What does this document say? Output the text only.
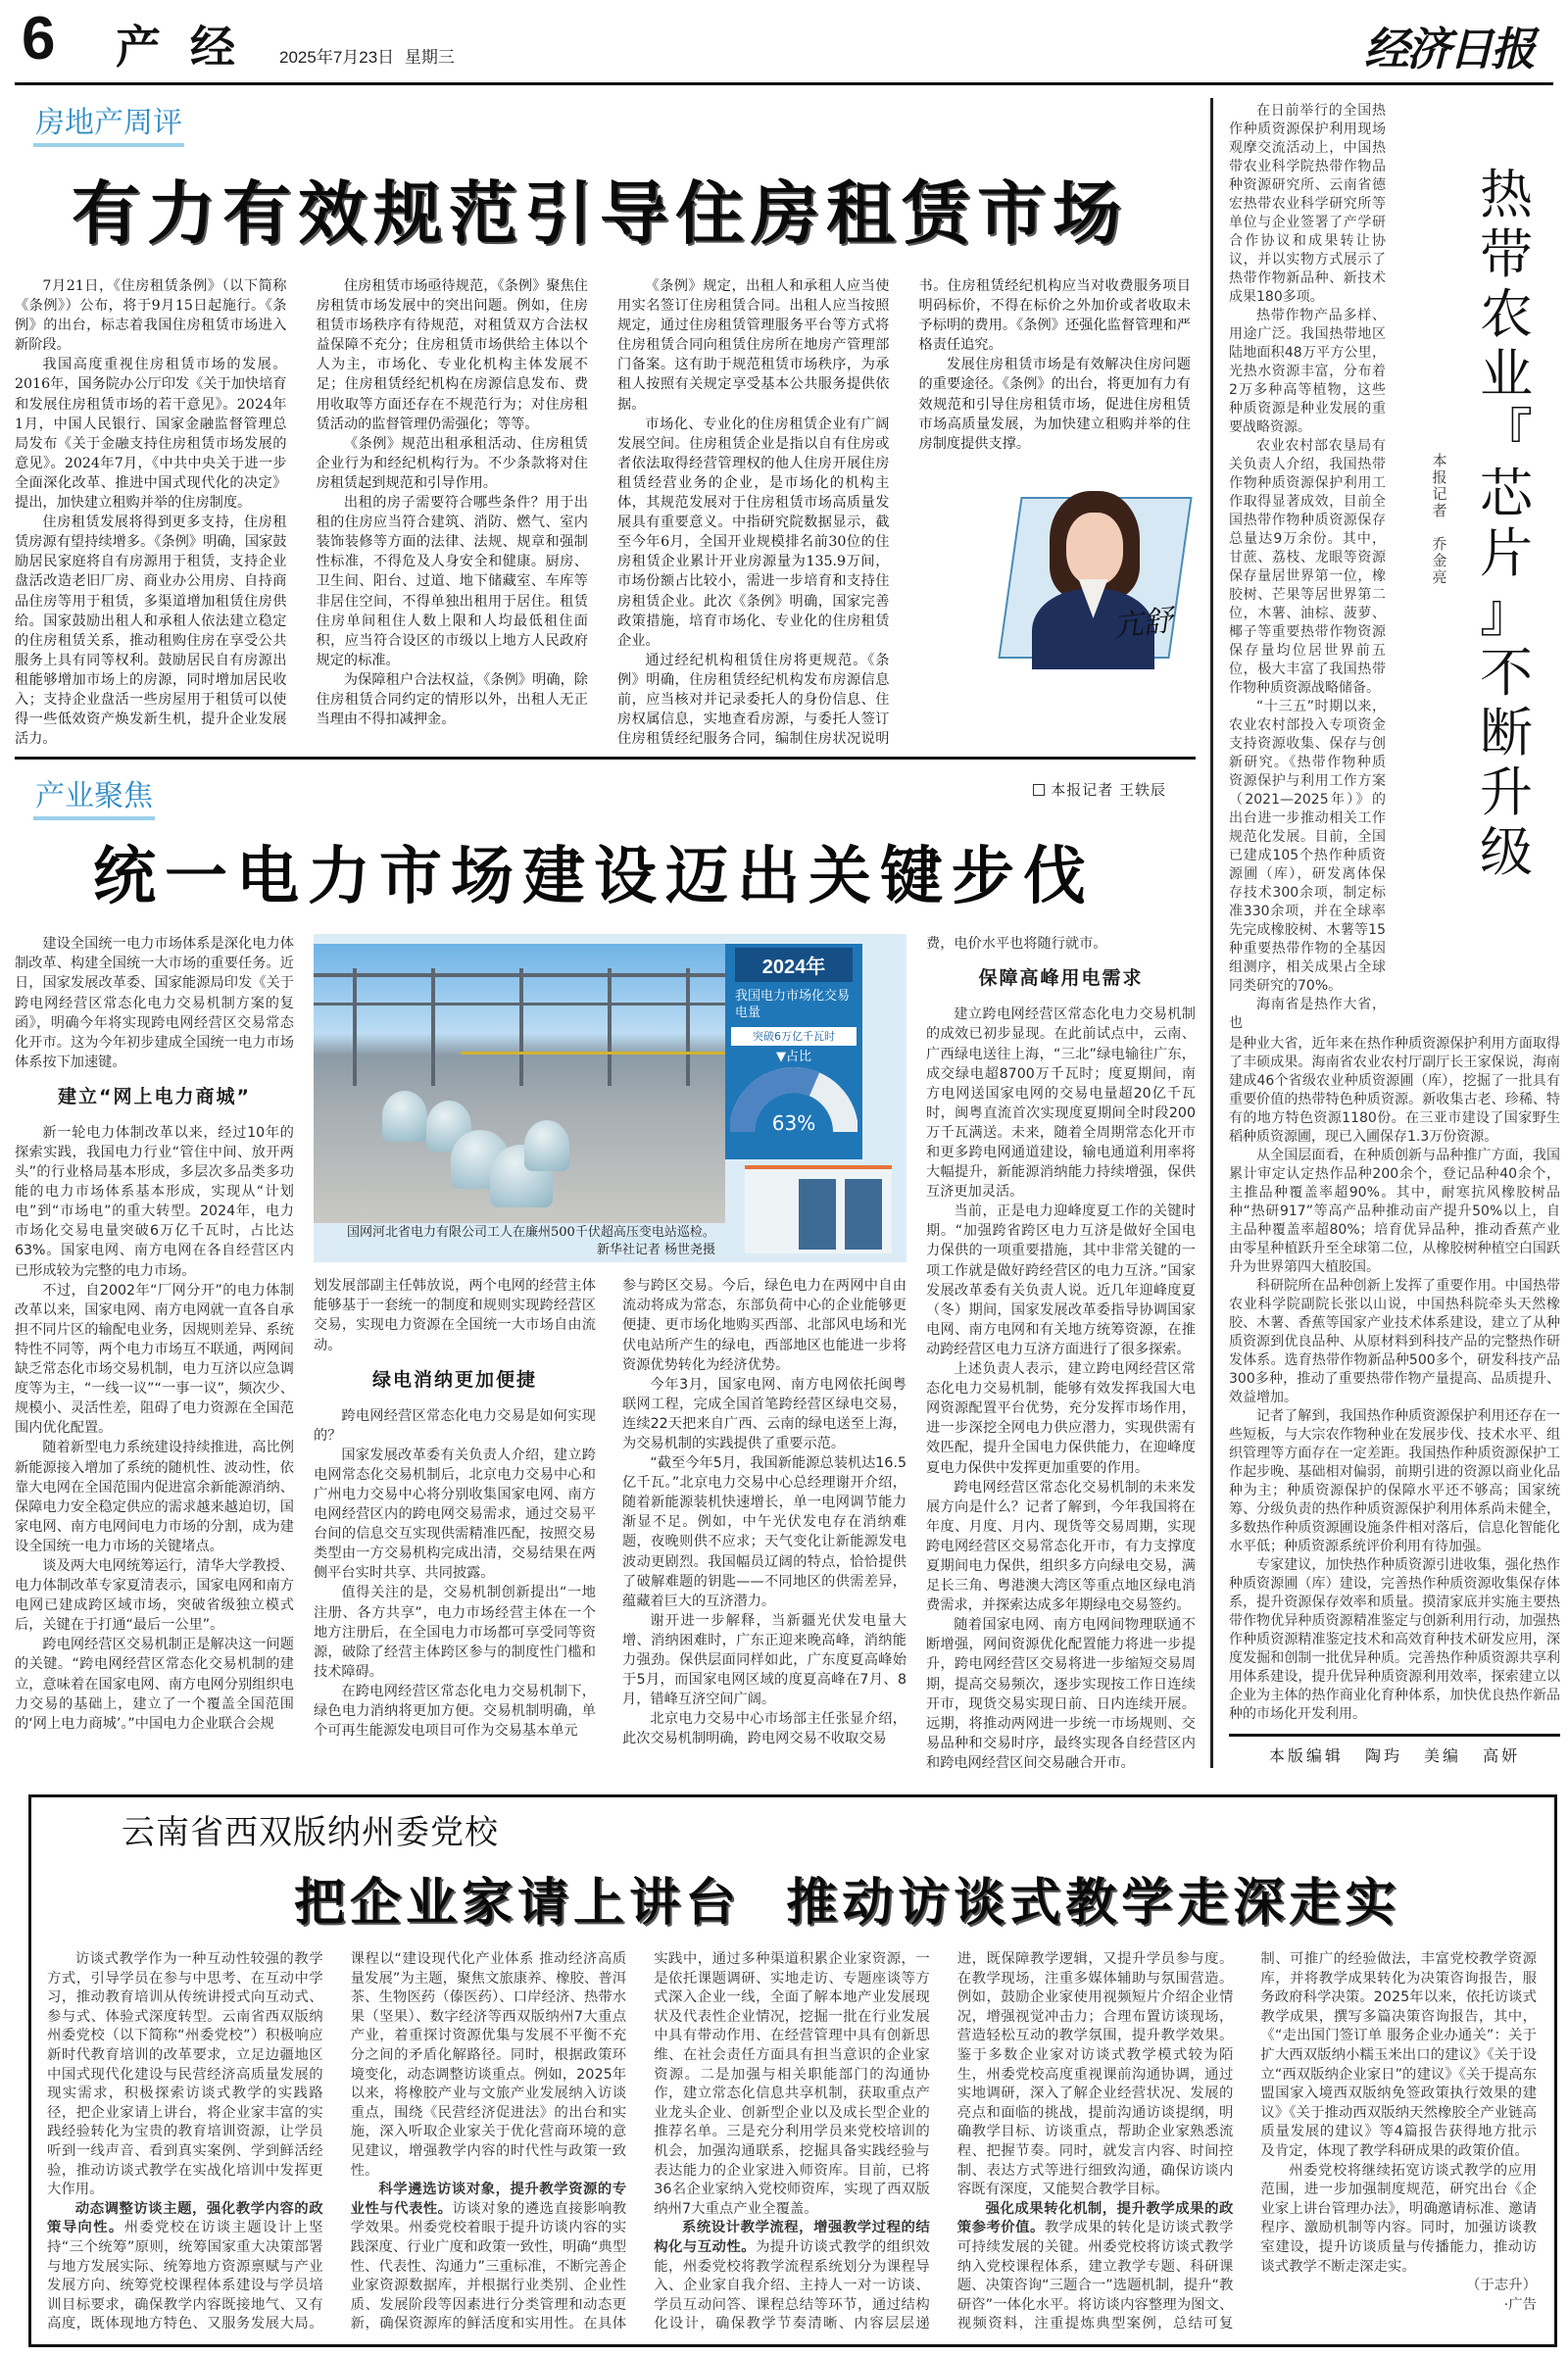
6 产经 2025年7月23日 星期三	经济日报
房地产周评
有力有效规范引导住房租赁市场

7月21日，《住房租赁条例》（以下简称《条例》）公布，将于9月15日起施行。《条例》的出台，标志着我国住房租赁市场进入新阶段。

我国高度重视住房租赁市场的发展。2016年，国务院办公厅印发《关于加快培育和发展住房租赁市场的若干意见》。2024年1月，中国人民银行、国家金融监督管理总局发布《关于金融支持住房租赁市场发展的意见》。2024年7月，《中共中央关于进一步全面深化改革、推进中国式现代化的决定》提出，加快建立租购并举的住房制度。

住房租赁发展将得到更多支持，住房租赁房源有望持续增多。《条例》明确，国家鼓励居民家庭将自有房源用于租赁，支持企业盘活改造老旧厂房、商业办公用房、自持商品住房等用于租赁，多渠道增加租赁住房供给。国家鼓励出租人和承租人依法建立稳定的住房租赁关系，推动租购住房在享受公共服务上具有同等权利。鼓励居民自有房源出租能够增加市场上的房源，同时增加居民收入；支持企业盘活一些房屋用于租赁可以使得一些低效资产焕发新生机，提升企业发展活力。

住房租赁市场亟待规范，《条例》聚焦住房租赁市场发展中的突出问题。例如，住房租赁市场秩序有待规范，对租赁双方合法权益保障不充分；住房租赁市场供给主体以个人为主，市场化、专业化机构主体发展不足；住房租赁经纪机构在房源信息发布、费用收取等方面还存在不规范行为；对住房租赁活动的监督管理仍需强化；等等。

《条例》规范出租承租活动、住房租赁企业行为和经纪机构行为。不少条款将对住房租赁起到规范和引导作用。

出租的房子需要符合哪些条件？用于出租的住房应当符合建筑、消防、燃气、室内装饰装修等方面的法律、法规、规章和强制性标准，不得危及人身安全和健康。厨房、卫生间、阳台、过道、地下储藏室、车库等非居住空间，不得单独出租用于居住。租赁住房单间租住人数上限和人均最低租住面积，应当符合设区的市级以上地方人民政府规定的标准。

为保障租户合法权益，《条例》明确，除住房租赁合同约定的情形以外，出租人无正当理由不得扣减押金。

《条例》规定，出租人和承租人应当使用实名签订住房租赁合同。出租人应当按照规定，通过住房租赁管理服务平台等方式将住房租赁合同向租赁住房所在地房产管理部门备案。这有助于规范租赁市场秩序，为承租人按照有关规定享受基本公共服务提供依据。

市场化、专业化的住房租赁企业有广阔发展空间。住房租赁企业是指以自有住房或者依法取得经营管理权的他人住房开展住房租赁经营业务的企业，是市场化的机构主体，其规范发展对于住房租赁市场高质量发展具有重要意义。中指研究院数据显示，截至今年6月，全国开业规模排名前30位的住房租赁企业累计开业房源量为135.9万间，市场份额占比较小，需进一步培育和支持住房租赁企业。此次《条例》明确，国家完善政策措施，培育市场化、专业化的住房租赁企业。

通过经纪机构租赁住房将更规范。《条例》明确，住房租赁经纪机构发布房源信息前，应当核对并记录委托人的身份信息、住房权属信息，实地查看房源，与委托人签订住房租赁经纪服务合同，编制住房状况说明书。住房租赁经纪机构应当对收费服务项目明码标价，不得在标价之外加价或者收取未予标明的费用。《条例》还强化监督管理和严格责任追究。

发展住房租赁市场是有效解决住房问题的重要途径。《条例》的出台，将更加有力有效规范和引导住房租赁市场，促进住房租赁市场高质量发展，为加快建立租购并举的住房制度提供支撑。

亢舒
产业聚焦	本报记者 王轶辰
统一电力市场建设迈出关键步伐

建设全国统一电力市场体系是深化电力体制改革、构建全国统一大市场的重要任务。近日，国家发展改革委、国家能源局印发《关于跨电网经营区常态化电力交易机制方案的复函》，明确今年将实现跨电网经营区交易常态化开市。这为今年初步建成全国统一电力市场体系按下加速键。

建立“网上电力商城”

新一轮电力体制改革以来，经过10年的探索实践，我国电力行业“管住中间、放开两头”的行业格局基本形成，多层次多品类多功能的电力市场体系基本形成，实现从“计划电”到“市场电”的重大转型。2024年，电力市场化交易电量突破6万亿千瓦时，占比达63%。国家电网、南方电网在各自经营区内已形成较为完整的电力市场。

不过，自2002年“厂网分开”的电力体制改革以来，国家电网、南方电网就一直各自承担不同片区的输配电业务，因规则差异、系统特性不同等，两个电力市场互不联通，两网间缺乏常态化市场交易机制，电力互济以应急调度等为主，“一线一议”“一事一议”，频次少、规模小、灵活性差，阻碍了电力资源在全国范围内优化配置。

随着新型电力系统建设持续推进，高比例新能源接入增加了系统的随机性、波动性，依靠大电网在全国范围内促进富余新能源消纳、保障电力安全稳定供应的需求越来越迫切，国家电网、南方电网间电力市场的分割，成为建设全国统一电力市场的关键堵点。

谈及两大电网统筹运行，清华大学教授、电力体制改革专家夏清表示，国家电网和南方电网已建成跨区域市场，突破省级独立模式后，关键在于打通“最后一公里”。

跨电网经营区交易机制正是解决这一问题的关键。“跨电网经营区常态化交易机制的建立，意味着在国家电网、南方电网分别组织电力交易的基础上，建立了一个覆盖全国范围的‘网上电力商城’。”中国电力企业联合会规

2024年
我国电力市场化交易电量
突破6万亿千瓦时
▼占比
63%
国网河北省电力有限公司工人在廉州500千伏超高压变电站巡检。
新华社记者 杨世尧摄

划发展部副主任韩放说，两个电网的经营主体能够基于一套统一的制度和规则实现跨经营区交易，实现电力资源在全国统一大市场自由流动。

绿电消纳更加便捷

跨电网经营区常态化电力交易是如何实现的？

国家发展改革委有关负责人介绍，建立跨电网常态化交易机制后，北京电力交易中心和广州电力交易中心将分别收集国家电网、南方电网经营区内的跨电网交易需求，通过交易平台间的信息交互实现供需精准匹配，按照交易类型由一方交易机构完成出清，交易结果在两侧平台实时共享、共同披露。

值得关注的是，交易机制创新提出“一地注册、各方共享”，电力市场经营主体在一个地方注册后，在全国电力市场都可享受同等资源，破除了经营主体跨区参与的制度性门槛和技术障碍。

在跨电网经营区常态化电力交易机制下，绿色电力消纳将更加方便。交易机制明确，单个可再生能源发电项目可作为交易基本单元

参与跨区交易。今后，绿色电力在两网中自由流动将成为常态，东部负荷中心的企业能够更便捷、更市场化地购买西部、北部风电场和光伏电站所产生的绿电，西部地区也能进一步将资源优势转化为经济优势。

今年3月，国家电网、南方电网依托闽粤联网工程，完成全国首笔跨经营区绿电交易，连续22天把来自广西、云南的绿电送至上海，为交易机制的实践提供了重要示范。

“截至今年5月，我国新能源总装机达16.5亿千瓦。”北京电力交易中心总经理谢开介绍，随着新能源装机快速增长，单一电网调节能力渐显不足。例如，中午光伏发电存在消纳难题，夜晚则供不应求；天气变化让新能源发电波动更剧烈。我国幅员辽阔的特点，恰恰提供了破解难题的钥匙——不同地区的供需差异，蕴藏着巨大的互济潜力。

谢开进一步解释，当新疆光伏发电量大增、消纳困难时，广东正迎来晚高峰，消纳能力强劲。保供层面同样如此，广东度夏高峰始于5月，而国家电网区域的度夏高峰在7月、8月，错峰互济空间广阔。

北京电力交易中心市场部主任张显介绍，此次交易机制明确，跨电网交易不收取交易

费，电价水平也将随行就市。

保障高峰用电需求

建立跨电网经营区常态化电力交易机制的成效已初步显现。在此前试点中，云南、广西绿电送往上海，“三北”绿电输往广东，成交绿电超8700万千瓦时；度夏期间，南方电网送国家电网的交易电量超20亿千瓦时，闽粤直流首次实现度夏期间全时段200万千瓦满送。未来，随着全周期常态化开市和更多跨电网通道建设，输电通道利用率将大幅提升，新能源消纳能力持续增强，保供互济更加灵活。

当前，正是电力迎峰度夏工作的关键时期。“加强跨省跨区电力互济是做好全国电力保供的一项重要措施，其中非常关键的一项工作就是做好跨经营区的电力互济。”国家发展改革委有关负责人说。近几年迎峰度夏（冬）期间，国家发展改革委指导协调国家电网、南方电网和有关地方统筹资源，在推动跨经营区电力互济方面进行了很多探索。

上述负责人表示，建立跨电网经营区常态化电力交易机制，能够有效发挥我国大电网资源配置平台优势，充分发挥市场作用，进一步深挖全网电力供应潜力，实现供需有效匹配，提升全国电力保供能力，在迎峰度夏电力保供中发挥更加重要的作用。

跨电网经营区常态化交易机制的未来发展方向是什么？记者了解到，今年我国将在年度、月度、月内、现货等交易周期，实现跨电网经营区交易常态化开市，有力支撑度夏期间电力保供，组织多方向绿电交易，满足长三角、粤港澳大湾区等重点地区绿电消费需求，并探索达成多年期绿电交易签约。

随着国家电网、南方电网间物理联通不断增强，网间资源优化配置能力将进一步提升，跨电网经营区交易将进一步缩短交易周期，提高交易频次，逐步实现按工作日连续开市，现货交易实现日前、日内连续开展。远期，将推动两网进一步统一市场规则、交易品种和交易时序，最终实现各自经营区内和跨电网经营区间交易融合开市。

在日前举行的全国热作种质资源保护利用现场观摩交流活动上，中国热带农业科学院热带作物品种资源研究所、云南省德宏热带农业科学研究所等单位与企业签署了产学研合作协议和成果转让协议，并以实物方式展示了热带作物新品种、新技术成果180多项。

热带作物产品多样、用途广泛。我国热带地区陆地面积48万平方公里，光热水资源丰富，分布着2万多种高等植物，这些种质资源是种业发展的重要战略资源。

农业农村部农垦局有关负责人介绍，我国热带作物种质资源保护利用工作取得显著成效，目前全国热带作物种质资源保存总量达9万余份。其中，甘蔗、荔枝、龙眼等资源保存量居世界第一位，橡胶树、芒果等居世界第二位，木薯、油棕、菠萝、椰子等重要热带作物资源保存量均位居世界前五位，极大丰富了我国热带作物种质资源战略储备。

“十三五”时期以来，农业农村部投入专项资金支持资源收集、保存与创新研究。《热带作物种质资源保护与利用工作方案（2021—2025年）》的出台进一步推动相关工作规范化发展。目前，全国已建成105个热作种质资源圃（库），研发离体保存技术300余项，制定标准330余项，并在全球率先完成橡胶树、木薯等15种重要热带作物的全基因组测序，相关成果占全球同类研究的70%。

海南省是热作大省，也

本
报
记
者

乔
金
亮
热
带
农
业
『
芯
片
』
不
断
升
级

是种业大省，近年来在热作种质资源保护利用方面取得了丰硕成果。海南省农业农村厅副厅长王家保说，海南建成46个省级农业种质资源圃（库），挖掘了一批具有重要价值的热带特色种质资源。新收集古老、珍稀、特有的地方特色资源1180份。在三亚市建设了国家野生稻种质资源圃，现已入圃保存1.3万份资源。

从全国层面看，在种质创新与品种推广方面，我国累计审定认定热作品种200余个，登记品种40余个，主推品种覆盖率超90%。其中，耐寒抗风橡胶树品种“热研917”等高产品种推动亩产提升50%以上，自主品种覆盖率超80%；培育优异品种，推动香蕉产业由零星种植跃升至全球第二位，从橡胶树种植空白国跃升为世界第四大植胶国。

科研院所在品种创新上发挥了重要作用。中国热带农业科学院副院长张以山说，中国热科院牵头天然橡胶、木薯、香蕉等国家产业技术体系建设，建立了从种质资源到优良品种、从原材料到科技产品的完整热作研发体系。选育热带作物新品种500多个，研发科技产品300多种，推动了重要热带作物产量提高、品质提升、效益增加。

记者了解到，我国热作种质资源保护利用还存在一些短板，与大宗农作物种业在发展步伐、技术水平、组织管理等方面存在一定差距。我国热作种质资源保护工作起步晚、基础相对偏弱，前期引进的资源以商业化品种为主；种质资源保护的保障水平还不够高；国家统筹、分级负责的热作种质资源保护利用体系尚未健全，多数热作种质资源圃设施条件相对落后，信息化智能化水平低；种质资源系统评价利用有待加强。

专家建议，加快热作种质资源引进收集，强化热作种质资源圃（库）建设，完善热作种质资源收集保存体系，提升资源保存效率和质量。摸清家底并实施主要热带作物优异种质资源精准鉴定与创新利用行动，加强热作种质资源精准鉴定技术和高效育种技术研发应用，深度发掘和创制一批优异种质。完善热作种质资源共享利用体系建设，提升优异种质资源利用效率，探索建立以企业为主体的热作商业化育种体系，加快优良热作新品种的市场化开发利用。

本版编辑 陶玙 美编 高妍
云南省西双版纳州委党校
把企业家请上讲台  推动访谈式教学走深走实

访谈式教学作为一种互动性较强的教学方式，引导学员在参与中思考、在互动中学习，推动教育培训从传统讲授式向互动式、参与式、体验式深度转型。云南省西双版纳州委党校（以下简称“州委党校”）积极响应新时代教育培训的改革要求，立足边疆地区中国式现代化建设与民营经济高质量发展的现实需求，积极探索访谈式教学的实践路径，把企业家请上讲台，将企业家丰富的实践经验转化为宝贵的教育培训资源，让学员听到一线声音、看到真实案例、学到鲜活经验，推动访谈式教学在实战化培训中发挥更大作用。

动态调整访谈主题，强化教学内容的政策导向性。州委党校在访谈主题设计上坚持“三个统筹”原则，统筹国家重大决策部署与地方发展实际、统筹地方资源禀赋与产业发展方向、统筹党校课程体系建设与学员培训目标要求，确保教学内容既接地气、又有高度，既体现地方特色、又服务发展大局。课程以“建设现代化产业体系 推动经济高质量发展”为主题，聚焦文旅康养、橡胶、普洱茶、生物医药（傣医药）、口岸经济、热带水果（坚果）、数字经济等西双版纳州7大重点产业，着重探讨资源优集与发展不平衡不充分之间的矛盾化解路径。同时，根据政策环境变化，动态调整访谈重点。例如，2025年以来，将橡胶产业与文旅产业发展纳入访谈重点，围绕《民营经济促进法》的出台和实施，深入听取企业家关于优化营商环境的意见建议，增强教学内容的时代性与政策一致性。

科学遴选访谈对象，提升教学资源的专业性与代表性。访谈对象的遴选直接影响教学效果。州委党校着眼于提升访谈内容的实践深度、行业广度和政策一致性，明确“典型性、代表性、沟通力”三重标准，不断完善企业家资源数据库，并根据行业类别、企业性质、发展阶段等因素进行分类管理和动态更新，确保资源库的鲜活度和实用性。在具体实践中，通过多种渠道积累企业家资源，一是依托课题调研、实地走访、专题座谈等方式深入企业一线，全面了解本地产业发展现状及代表性企业情况，挖掘一批在行业发展中具有带动作用、在经营管理中具有创新思维、在社会责任方面具有担当意识的企业家资源。二是加强与相关职能部门的沟通协作，建立常态化信息共享机制，获取重点产业龙头企业、创新型企业以及成长型企业的推荐名单。三是充分利用学员来党校培训的机会，加强沟通联系，挖掘具备实践经验与表达能力的企业家进入师资库。目前，已将36名企业家纳入党校师资库，实现了西双版纳州7大重点产业全覆盖。

系统设计教学流程，增强教学过程的结构化与互动性。为提升访谈式教学的组织效能，州委党校将教学流程系统划分为课程导入、企业家自我介绍、主持人一对一访谈、学员互动问答、课程总结等环节，通过结构化设计，确保教学节奏清晰、内容层层递进，既保障教学逻辑，又提升学员参与度。在教学现场，注重多媒体辅助与氛围营造。例如，鼓励企业家使用视频短片介绍企业情况，增强视觉冲击力；合理布置访谈现场，营造轻松互动的教学氛围，提升教学效果。鉴于多数企业家对访谈式教学模式较为陌生，州委党校高度重视课前沟通协调，通过实地调研，深入了解企业经营状况、发展的亮点和面临的挑战，提前沟通访谈提纲，明确教学目标、访谈重点，帮助企业家熟悉流程、把握节奏。同时，就发言内容、时间控制、表达方式等进行细致沟通，确保访谈内容既有深度，又能契合教学目标。

强化成果转化机制，提升教学成果的政策参考价值。教学成果的转化是访谈式教学可持续发展的关键。州委党校将访谈式教学纳入党校课程体系，建立教学专题、科研课题、决策咨询“三题合一”选题机制，提升“教研咨”一体化水平。将访谈内容整理为图文、视频资料，注重提炼典型案例，总结可复制、可推广的经验做法，丰富党校教学资源库，并将教学成果转化为决策咨询报告，服务政府科学决策。2025年以来，依托访谈式教学成果，撰写多篇决策咨询报告，其中，《“走出国门签订单 服务企业办通关”：关于扩大西双版纳小糯玉米出口的建议》《关于设立“西双版纳企业家日”的建议》《关于提高东盟国家入境西双版纳免签政策执行效果的建议》《关于推动西双版纳天然橡胶全产业链高质量发展的建议》等4篇报告获得地方批示及肯定，体现了教学科研成果的政策价值。

州委党校将继续拓宽访谈式教学的应用范围，进一步加强制度规范，研究出台《企业家上讲台管理办法》，明确邀请标准、邀请程序、激励机制等内容。同时，加强访谈教室建设，提升访谈质量与传播能力，推动访谈式教学不断走深走实。

（于志升）

·广告
